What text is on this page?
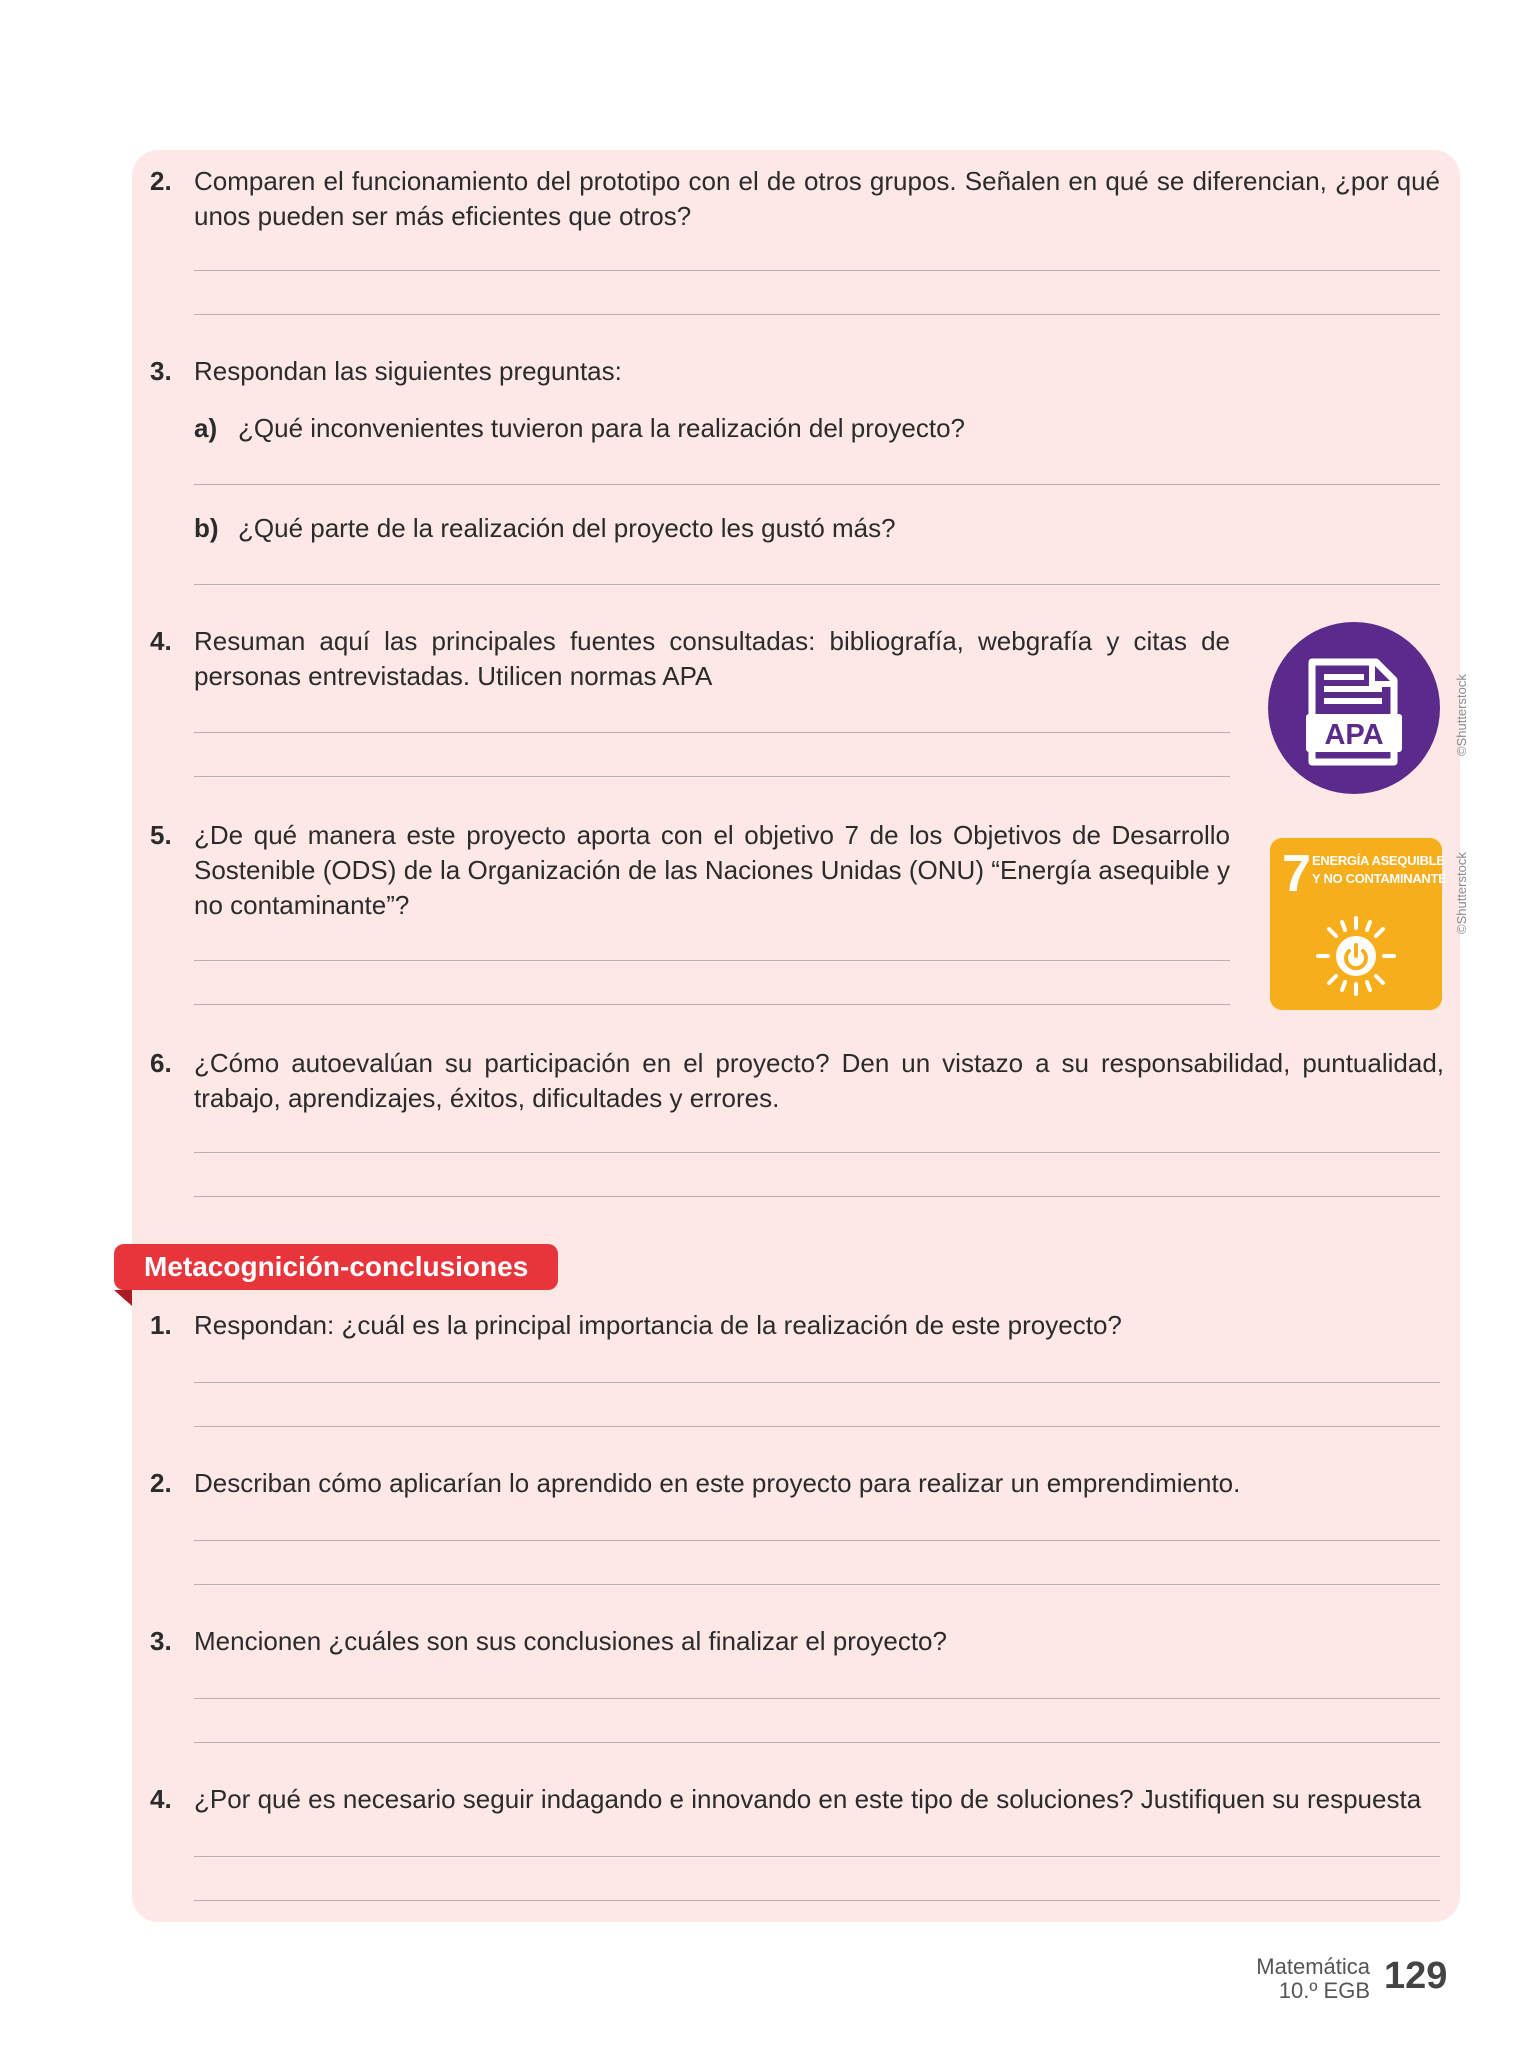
2. Comparen el funcionamiento del prototipo con el de otros grupos. Señalen en qué se diferencian, ¿por qué unos pueden ser más eficientes que otros?
3. Respondan las siguientes preguntas:
a) ¿Qué inconvenientes tuvieron para la realización del proyecto?
b) ¿Qué parte de la realización del proyecto les gustó más?
4. Resuman aquí las principales fuentes consultadas: bibliografía, webgrafía y citas de personas entrevistadas. Utilicen normas APA
APA	©Shutterstock
5. ¿De qué manera este proyecto aporta con el objetivo 7 de los Objetivos de Desarrollo Sostenible (ODS) de la Organización de las Naciones Unidas (ONU) “Energía asequible y no contaminante”?
7 ENERGÍA ASEQUIBLE
Y NO CONTAMINANTE ©Shutterstock
6. ¿Cómo autoevalúan su participación en el proyecto? Den un vistazo a su responsabilidad, puntualidad, trabajo, aprendizajes, éxitos, dificultades y errores.
Metacognición-conclusiones
1. Respondan: ¿cuál es la principal importancia de la realización de este proyecto?
2. Describan cómo aplicarían lo aprendido en este proyecto para realizar un emprendimiento.
3. Mencionen ¿cuáles son sus conclusiones al finalizar el proyecto?
4. ¿Por qué es necesario seguir indagando e innovando en este tipo de soluciones? Justifiquen su respuesta
Matemática
10.º EGB 129
